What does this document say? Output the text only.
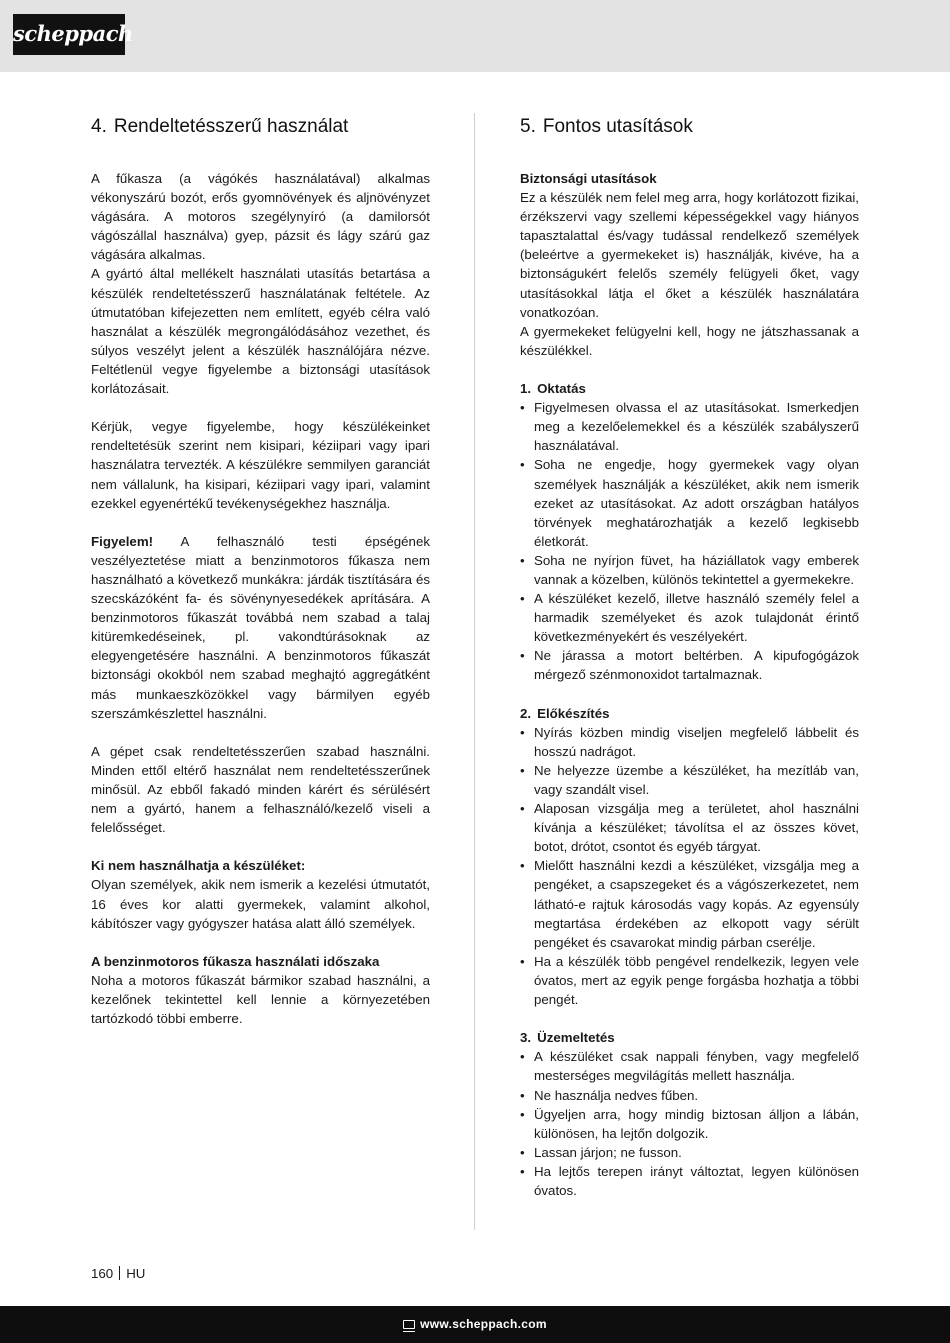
scheppach
4. Rendeltetésszerű használat

A fűkasza (a vágókés használatával) alkalmas vékonyszárú bozót, erős gyomnövények és aljnövényzet vágására. A motoros szegélynyíró (a damilorsót vágószállal használva) gyep, pázsit és lágy szárú gaz vágására alkalmas.

A gyártó által mellékelt használati utasítás betartása a készülék rendeltetésszerű használatának feltétele. Az útmutatóban kifejezetten nem említett, egyéb célra való használat a készülék megrongálódásához vezethet, és súlyos veszélyt jelent a készülék használójára nézve. Feltétlenül vegye figyelembe a biztonsági utasítások korlátozásait.

Kérjük, vegye figyelembe, hogy készülékeinket rendeltetésük szerint nem kisipari, kéziipari vagy ipari használatra tervezték. A készülékre semmilyen garanciát nem vállalunk, ha kisipari, kéziipari vagy ipari, valamint ezekkel egyenértékű tevékenységekhez használja.

Figyelem! A felhasználó testi épségének veszélyeztetése miatt a benzinmotoros fűkasza nem használható a következő munkákra: járdák tisztítására és szecskázóként fa- és sövénynyesedékek aprítására. A benzinmotoros fűkaszát továbbá nem szabad a talaj kitüremkedéseinek, pl. vakondtúrásoknak az elegyengetésére használni. A benzinmotoros fűkaszát biztonsági okokból nem szabad meghajtó aggregátként más munkaeszközökkel vagy bármilyen egyéb szerszámkészlettel használni.

A gépet csak rendeltetésszerűen szabad használni. Minden ettől eltérő használat nem rendeltetésszerűnek minősül. Az ebből fakadó minden kárért és sérülésért nem a gyártó, hanem a felhasználó/kezelő viseli a felelősséget.

Ki nem használhatja a készüléket:

Olyan személyek, akik nem ismerik a kezelési útmutatót, 16 éves kor alatti gyermekek, valamint alkohol, kábítószer vagy gyógyszer hatása alatt álló személyek.

A benzinmotoros fűkasza használati időszaka

Noha a motoros fűkaszát bármikor szabad használni, a kezelőnek tekintettel kell lennie a környezetében tartózkodó többi emberre.

5. Fontos utasítások

Biztonsági utasítások

Ez a készülék nem felel meg arra, hogy korlátozott fizikai, érzékszervi vagy szellemi képességekkel vagy hiányos tapasztalattal és/vagy tudással rendelkező személyek (beleértve a gyermekeket is) használják, kivéve, ha a biztonságukért felelős személy felügyeli őket, vagy utasításokkal látja el őket a készülék használatára vonatkozóan.

A gyermekeket felügyelni kell, hogy ne játszhassanak a készülékkel.

1. Oktatás

• Figyelmesen olvassa el az utasításokat. Ismerkedjen meg a kezelőelemekkel és a készülék szabályszerű használatával.
• Soha ne engedje, hogy gyermekek vagy olyan személyek használják a készüléket, akik nem ismerik ezeket az utasításokat. Az adott országban hatályos törvények meghatározhatják a kezelő legkisebb életkorát.
• Soha ne nyírjon füvet, ha háziállatok vagy emberek vannak a közelben, különös tekintettel a gyermekekre.
• A készüléket kezelő, illetve használó személy felel a harmadik személyeket és azok tulajdonát érintő következményekért és veszélyekért.
• Ne járassa a motort beltérben. A kipufogógázok mérgező szénmonoxidot tartalmaznak.

2. Előkészítés

• Nyírás közben mindig viseljen megfelelő lábbelit és hosszú nadrágot.
• Ne helyezze üzembe a készüléket, ha mezítláb van, vagy szandált visel.
• Alaposan vizsgálja meg a területet, ahol használni kívánja a készüléket; távolítsa el az összes követ, botot, drótot, csontot és egyéb tárgyat.
• Mielőtt használni kezdi a készüléket, vizsgálja meg a pengéket, a csapszegeket és a vágószerkezetet, nem látható-e rajtuk károsodás vagy kopás. Az egyensúly megtartása érdekében az elkopott vagy sérült pengéket és csavarokat mindig párban cserélje.
• Ha a készülék több pengével rendelkezik, legyen vele óvatos, mert az egyik penge forgásba hozhatja a többi pengét.

3. Üzemeltetés

• A készüléket csak nappali fényben, vagy megfelelő mesterséges megvilágítás mellett használja.
• Ne használja nedves fűben.
• Ügyeljen arra, hogy mindig biztosan álljon a lábán, különösen, ha lejtőn dolgozik.
• Lassan járjon; ne fusson.
• Ha lejtős terepen irányt változtat, legyen különösen óvatos.
160 HU
www.scheppach.com
